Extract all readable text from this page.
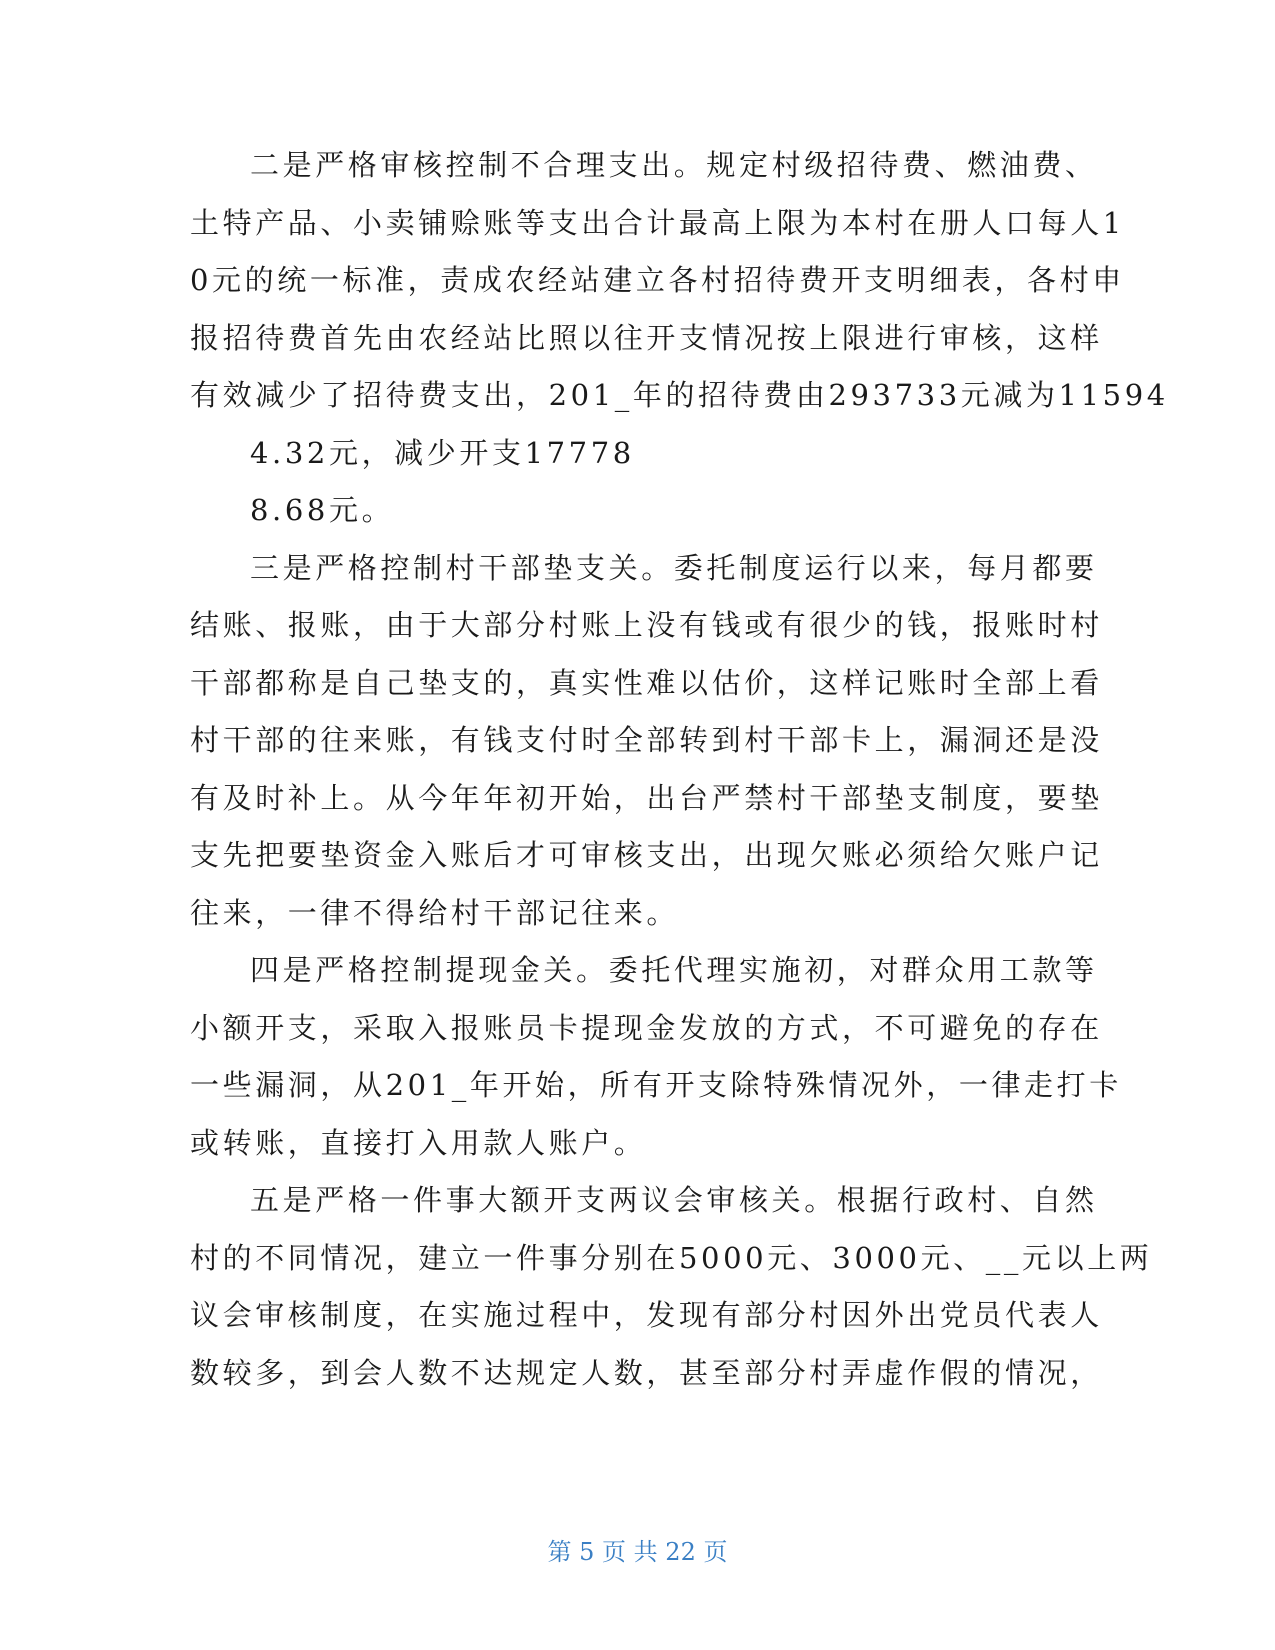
二是严格审核控制不合理支出。规定村级招待费、燃油费、
土特产品、小卖铺赊账等支出合计最高上限为本村在册人口每人1
0元的统一标准，责成农经站建立各村招待费开支明细表，各村申
报招待费首先由农经站比照以往开支情况按上限进行审核，这样
有效减少了招待费支出，201_年的招待费由293733元减为11594
4.32元，减少开支17778
8.68元。
三是严格控制村干部垫支关。委托制度运行以来，每月都要
结账、报账，由于大部分村账上没有钱或有很少的钱，报账时村
干部都称是自己垫支的，真实性难以估价，这样记账时全部上看
村干部的往来账，有钱支付时全部转到村干部卡上，漏洞还是没
有及时补上。从今年年初开始，出台严禁村干部垫支制度，要垫
支先把要垫资金入账后才可审核支出，出现欠账必须给欠账户记
往来，一律不得给村干部记往来。
四是严格控制提现金关。委托代理实施初，对群众用工款等
小额开支，采取入报账员卡提现金发放的方式，不可避免的存在
一些漏洞，从201_年开始，所有开支除特殊情况外，一律走打卡
或转账，直接打入用款人账户。
五是严格一件事大额开支两议会审核关。根据行政村、自然
村的不同情况，建立一件事分别在5000元、3000元、__元以上两
议会审核制度，在实施过程中，发现有部分村因外出党员代表人
数较多，到会人数不达规定人数，甚至部分村弄虚作假的情况，
第 5 页 共 22 页
